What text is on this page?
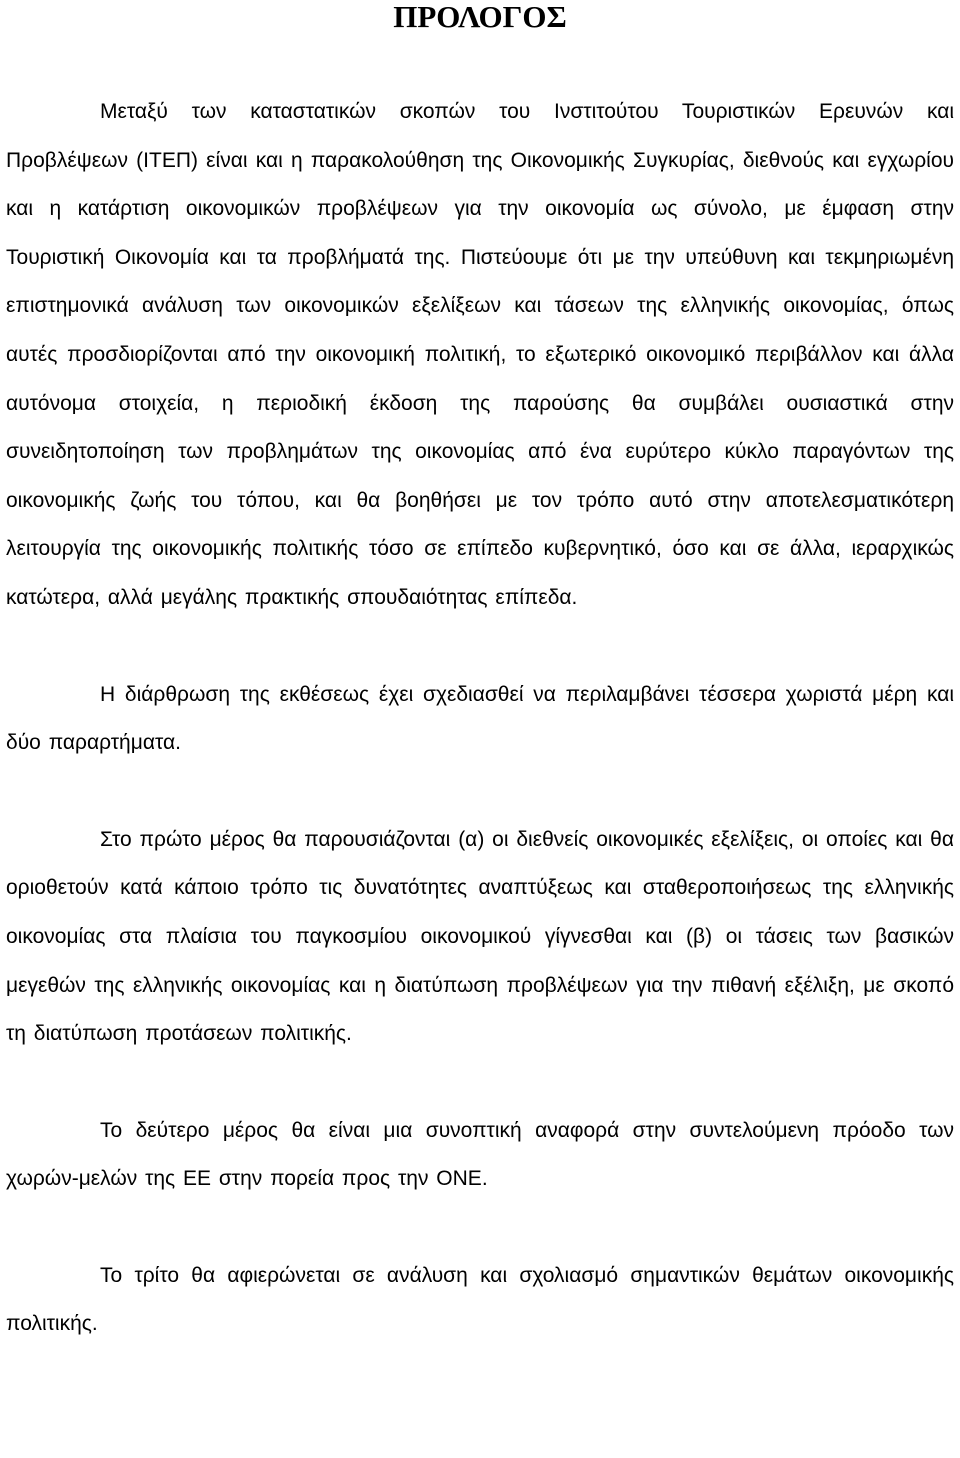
ΠΡΟΛΟΓΟΣ

Μεταξύ των καταστατικών σκοπών του Ινστιτούτου Τουριστικών Ερευνών και Προβλέψεων (ΙΤΕΠ) είναι και η παρακολούθηση της Οικονομικής Συγκυρίας, διεθνούς και εγχωρίου και η κατάρτιση οικονομικών προβλέψεων για την οικονομία ως σύνολο, με έμφαση στην Τουριστική Οικονομία και τα προβλήματά της. Πιστεύουμε ότι με την υπεύθυνη και τεκμηριωμένη επιστημονικά ανάλυση των οικονομικών εξελίξεων και τάσεων της ελληνικής οικονομίας, όπως αυτές προσδιορίζονται από την οικονομική πολιτική, το εξωτερικό οικονομικό περιβάλλον και άλλα αυτόνομα στοιχεία, η περιοδική έκδοση της παρούσης θα συμβάλει ουσιαστικά στην συνειδητοποίηση των προβλημάτων της οικονομίας από ένα ευρύτερο κύκλο παραγόντων της οικονομικής ζωής του τόπου, και θα βοηθήσει με τον τρόπο αυτό στην αποτελεσματικότερη λειτουργία της οικονομικής πολιτικής τόσο σε επίπεδο κυβερνητικό, όσο και σε άλλα, ιεραρχικώς κατώτερα, αλλά μεγάλης πρακτικής σπουδαιότητας επίπεδα.

Η διάρθρωση της εκθέσεως έχει σχεδιασθεί να περιλαμβάνει τέσσερα χωριστά μέρη και δύο παραρτήματα.

Στο πρώτο μέρος θα παρουσιάζονται (α) οι διεθνείς οικονομικές εξελίξεις, οι οποίες και θα οριοθετούν κατά κάποιο τρόπο τις δυνατότητες αναπτύξεως και σταθεροποιήσεως της ελληνικής οικονομίας στα πλαίσια του παγκοσμίου οικονομικού γίγνεσθαι και (β) οι τάσεις των βασικών μεγεθών της ελληνικής οικονομίας και η διατύπωση προβλέψεων για την πιθανή εξέλιξη, με σκοπό τη διατύπωση προτάσεων πολιτικής.

Το δεύτερο μέρος θα είναι μια συνοπτική αναφορά στην συντελούμενη πρόοδο των χωρών-μελών της ΕΕ στην πορεία προς την ΟΝΕ.

Το τρίτο θα αφιερώνεται σε ανάλυση και σχολιασμό σημαντικών θεμάτων οικονομικής πολιτικής.
